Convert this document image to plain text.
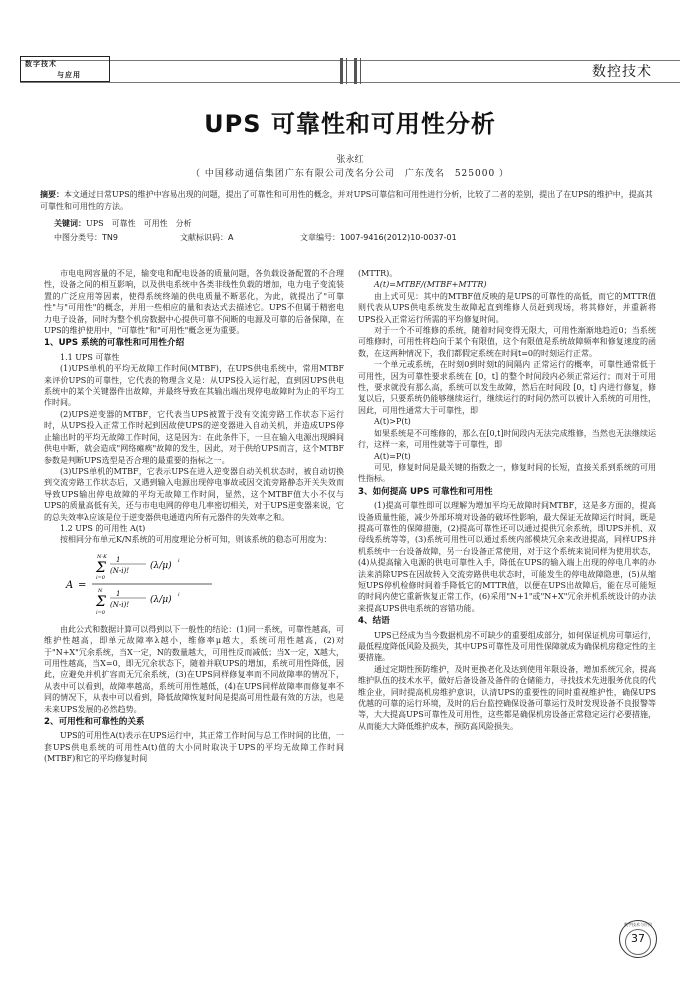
数字技术
与应用	数控技术
UPS 可靠性和可用性分析
张永红
（ 中国移动通信集团广东有限公司茂名分公司　广东茂名　525000 ）
摘要：本文通过日常UPS的维护中容易出现的问题，提出了可靠性和可用性的概念，并对UPS可靠信和可用性进行分析，比较了二者的差别，提出了在UPS的维护中，提高其可靠性和可用性的方法。
关键词：UPS　可靠性　可用性　分析
中图分类号：TN9	文献标识码：A	文章编号：1007-9416(2012)10-0037-01

市电电网容量的不足，输变电和配电设备的质量问题，各负载设备配置的不合理性，设备之间的相互影响，以及供电系统中各类非线性负载的增加，电力电子变流装置的广泛应用等因素，使得系统终端的供电质量不断恶化，为此，就提出了"可靠性"与"可用性"的概念，并用一些相应的量和表达式去描述它。UPS不但属于精密电力电子设备，同时为整个机房数据中心提供可靠不间断的电源及可靠的后备保障，在UPS的维护使用中，"可靠性"和"可用性"概念更为重要。

1、UPS 系统的可靠性和可用性介绍

1.1 UPS 可靠性

(1)UPS单机的平均无故障工作时间(MTBF)，在UPS供电系统中，常用MTBF来评价UPS的可靠性，它代表的物理含义是：从UPS投入运行起，直到因UPS供电系统中的某个关键器件出故障，并最终导致在其输出端出现停电故障时为止的平均工作时间。

(2)UPS逆变器的MTBF，它代表当UPS被置于没有交流旁路工作状态下运行时，从UPS投入正常工作时起到因故使UPS的逆变器进入自动关机，并造成UPS停止输出时的平均无故障工作时间，这是因为：在此条件下，一旦在输入电源出现瞬间供电中断，就会造成"网络瘫痪"故障的发生，因此，对于供给UPS而言，这个MTBF参数是判断UPS选型是否合理的最重要的指标之一。

(3)UPS单机的MTBF，它表示UPS在进入逆变器自动关机状态时，被自动切换到交流旁路工作状态后，又遇到输入电源出现停电事故或因交流旁路静态开关失效而导致UPS输出停电故障的平均无故障工作时间，显然，这个MTBF值大小不仅与UPS的质量高低有关，还与市电电网的停电几率密切相关，对于UPS逆变器来说，它的总失效率λ应该是位于逆变器供电通道内所有元器件的失效率之和。

1.2 UPS 的可用性 A(t)

按相同分布单元K/N系统的可用度理论分析可知，则该系统的稳态可用度为：

A =
Σ
N-K
i=0
1
(N-i)! (λ/μ) i
Σ
N
i=0
1
(N-i)! (λ/μ) i

由此公式和数据计算可以得到以下一般性的结论：(1)同一系统，可靠性越高，可维护性越高，即单元故障率λ越小，维修率μ越大，系统可用性越高，(2)对于"N+X"冗余系统，当X一定，N的数量越大，可用性反而减低；当X一定，X越大，可用性越高，当X=0，即无冗余状态下，随着并联UPS的增加，系统可用性降低，因此，应避免并机扩容而无冗余系统，(3)在UPS同样修复率而不同故障率的情况下，从表中可以看到，故障率越高，系统可用性越低，(4)在UPS同样故障率而修复率不同的情况下，从表中可以看到，降低故障恢复时间是提高可用性最有效的方法，也是未来UPS发展的必然趋势。

2、可用性和可靠性的关系

UPS的可用性A(t)表示在UPS运行中，其正常工作时间与总工作时间的比值，一套UPS供电系统的可用性A(t)值的大小同时取决于UPS的平均无故障工作时间(MTBF)和它的平均修复时间

(MTTR)。

A(t)=MTBF/(MTBF+MTTR)

由上式可见：其中的MTBF值反映的是UPS的可靠性的高低，而它的MTTR值则代表从UPS供电系统发生故障起直到维修人员赶到现场，将其修好，并重新将UPS投入正常运行所需的平均修复时间。

对于一个不可维修的系统，随着时间变得无限大，可用性渐渐地趋近0；当系统可维修时，可用性将趋向于某个有限值，这个有限值是系统故障频率和修复速度的函数，在这两种情况下，我们都假定系统在时间t=0的时刻运行正常。

一个单元或系统，在时刻0到时刻t的间隔内 正常运行的概率，可靠性通常低于可用性，因为可靠性要求系统在 [0，t] 的整个时间段内必须正常运行；而对于可用性，要求就没有那么高，系统可以发生故障，然后在时间段 [0，t] 内进行修复，修复以后，只要系统仍能够继续运行，继续运行的时间仍然可以被计入系统的可用性，因此，可用性通常大于可靠性，即

A(t)>P(t)

如果系统是不可维修的，那么在[0,t]时间段内无法完成维修，当然也无法继续运行，这样一来，可用性就等于可靠性，即

A(t)=P(t)

可见，修复时间是最关键的指数之一，修复时间的长短，直接关系到系统的可用性指标。

3、如何提高 UPS 可靠性和可用性

(1)提高可靠性即可以理解为增加平均无故障时间MTBF，这是多方面的，提高设备质量性能，减少外部环境对设备的破坏性影响，最大保证无故障运行时间，既是提高可靠性的保障措施，(2)提高可靠性还可以通过提供冗余系统，即UPS并机、双母线系统等等，(3)系统可用性可以通过系统内部模块冗余来改进提高，同样UPS并机系统中一台设备故障，另一台设备正常使用，对于这个系统来说同样为使用状态，(4)从提高输入电源的供电可靠性入手，降低在UPS的输入端上出现的停电几率的办法来消除UPS在因故转入交流旁路供电状态时，可能发生的停电故障隐患，(5)从缩短UPS停机检修时间着手降低它的MTTR值，以便在UPS出故障后，能在尽可能短的时间内使它重新恢复正常工作，(6)采用"N+1"或"N+X"冗余并机系统设计的办法来提高UPS供电系统的容错功能。

4、结语

UPS已经成为当今数据机房不可缺少的重要组成部分，如何保证机房可靠运行，最低程度降低风险及损失，其中UPS可靠性及可用性保障就成为确保机房稳定性的主要措施。

通过定期性预防维护，及时更换老化及达到使用年限设备，增加系统冗余，提高维护队伍的技术水平，做好后备设备及备件的仓储能力，寻找技术先进服务优良的代维企业，同时提高机房维护意识，认清UPS的重要性的同时重视维护性，确保UPS优越的可靠的运行环境，及时的后台监控确保设备可靠运行及时发现设备不良报警等等，大大提高UPS可靠性及可用性，这些都是确保机房设备正常稳定运行必要措施，从而能大大降低维护成本，预防高风险损失。

数字技术与应用
37
